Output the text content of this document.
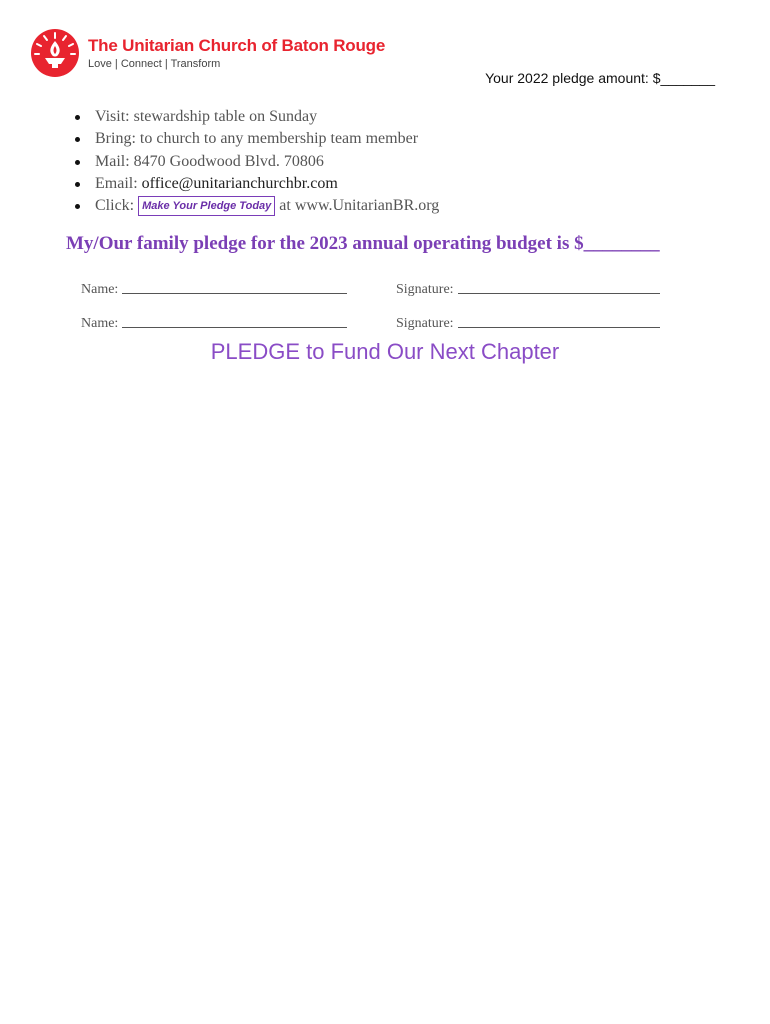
The Unitarian Church of Baton Rouge
Love | Connect | Transform
Your 2022 pledge amount: $_______
Visit: stewardship table on Sunday
Bring: to church to any membership team member
Mail: 8470 Goodwood Blvd. 70806
Email: office@unitarianchurchbr.com
Click: Make Your Pledge Today at www.UnitarianBR.org
My/Our family pledge for the 2023 annual operating budget is $________
Name:	Signature:
Name:	Signature:
PLEDGE to Fund Our Next Chapter
